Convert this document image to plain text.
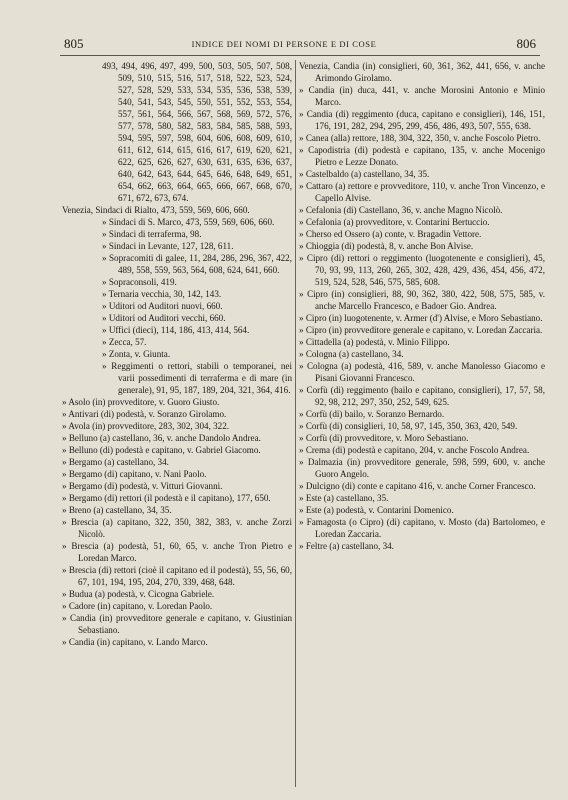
805	INDICE DEI NOMI DI PERSONE E DI COSE	806
493, 494, 496, 497, 499, 500, 503, 505, 507, 508, 509, 510, 515, 516, 517, 518, 522, 523, 524, 527, 528, 529, 533, 534, 535, 536, 538, 539, 540, 541, 543, 545, 550, 551, 552, 553, 554, 557, 561, 564, 566, 567, 568, 569, 572, 576, 577, 578, 580, 582, 583, 584, 585, 588, 593, 594, 595, 597, 598, 604, 606, 608, 609, 610, 611, 612, 614, 615, 616, 617, 619, 620, 621, 622, 625, 626, 627, 630, 631, 635, 636, 637, 640, 642, 643, 644, 645, 646, 648, 649, 651, 654, 662, 663, 664, 665, 666, 667, 668, 670, 671, 672, 673, 674.
Venezia, Sindaci di Rialto, 473, 559, 569, 606, 660.
» Sindaci di S. Marco, 473, 559, 569, 606, 660.
» Sindaci di terraferma, 98.
» Sindaci in Levante, 127, 128, 611.
» Sopracomiti di galee, 11, 284, 286, 296, 367, 422, 489, 558, 559, 563, 564, 608, 624, 641, 660.
» Sopraconsoli, 419.
» Ternaria vecchia, 30, 142, 143.
» Uditori od Auditori nuovi, 660.
» Uditori od Auditori vecchi, 660.
» Uffici (dieci), 114, 186, 413, 414, 564.
» Zecca, 57.
» Zonta, v. Giunta.
» Reggimenti o rettori, stabili o temporanei, nei varii possedimenti di terraferma e di mare (in generale), 91, 95, 187, 189, 204, 321, 364, 416.
» Asolo (in) provveditore, v. Guoro Giusto.
» Antivari (di) podestà, v. Soranzo Girolamo.
» Avola (in) provveditore, 283, 302, 304, 322.
» Belluno (a) castellano, 36, v. anche Dandolo Andrea.
» Belluno (di) podestà e capitano, v. Gabriel Giacomo.
» Bergamo (a) castellano, 34.
» Bergamo (di) capitano, v. Nani Paolo.
» Bergamo (di) podestà, v. Vitturi Giovanni.
» Bergamo (di) rettori (il podestà e il capitano), 177, 650.
» Breno (a) castellano, 34, 35.
» Brescia (a) capitano, 322, 350, 382, 383, v. anche Zorzi Nicolò.
» Brescia (a) podestà, 51, 60, 65, v. anche Tron Pietro e Loredan Marco.
» Brescia (di) rettori (cioè il capitano ed il podestà), 55, 56, 60, 67, 101, 194, 195, 204, 270, 339, 468, 648.
» Budua (a) podestà, v. Cicogna Gabriele.
» Cadore (in) capitano, v. Loredan Paolo.
» Candia (in) provveditore generale e capitano, v. Giustinian Sebastiano.
» Candia (in) capitano, v. Lando Marco.
Venezia, Candia (in) consiglieri, 60, 361, 362, 441, 656, v. anche Arimondo Girolamo.
» Candia (in) duca, 441, v. anche Morosini Antonio e Minio Marco.
» Candia (di) reggimento (duca, capitano e consiglieri), 146, 151, 176, 191, 282, 294, 295, 299, 456, 486, 493, 507, 555, 638.
» Canea (alla) rettore, 188, 304, 322, 350, v. anche Foscolo Pietro.
» Capodistria (di) podestà e capitano, 135, v. anche Mocenigo Pietro e Lezze Donato.
» Castelbaldo (a) castellano, 34, 35.
» Cattaro (a) rettore e provveditore, 110, v. anche Tron Vincenzo, e Capello Alvise.
» Cefalonia (di) Castellano, 36, v. anche Magno Nicolò.
» Cefalonia (a) provveditore, v. Contarini Bertuccio.
» Cherso ed Ossero (a) conte, v. Bragadin Vettore.
» Chioggia (di) podestà, 8, v. anche Bon Alvise.
» Cipro (di) rettori o reggimento (luogotenente e consiglieri), 45, 70, 93, 99, 113, 260, 265, 302, 428, 429, 436, 454, 456, 472, 519, 524, 528, 546, 575, 585, 608.
» Cipro (in) consiglieri, 88, 90, 362, 380, 422, 508, 575, 585, v. anche Marcello Francesco, e Badoer Gio. Andrea.
» Cipro (in) luogotenente, v. Armer (d') Alvise, e Moro Sebastiano.
» Cipro (in) provveditore generale e capitano, v. Loredan Zaccaria.
» Cittadella (a) podestà, v. Minio Filippo.
» Cologna (a) castellano, 34.
» Cologna (a) podestà, 416, 589, v. anche Manolesso Giacomo e Pisani Giovanni Francesco.
» Corfù (di) reggimento (bailo e capitano, consiglieri), 17, 57, 58, 92, 98, 212, 297, 350, 252, 549, 625.
» Corfù (di) bailo, v. Soranzo Bernardo.
» Corfù (di) consiglieri, 10, 58, 97, 145, 350, 363, 420, 549.
» Corfù (di) provveditore, v. Moro Sebastiano.
» Crema (di) podestà e capitano, 204, v. anche Foscolo Andrea.
» Dalmazia (in) provveditore generale, 598, 599, 600, v. anche Guoro Angelo.
» Dulcigno (di) conte e capitano 416, v. anche Corner Francesco.
» Este (a) castellano, 35.
» Este (a) podestà, v. Contarini Domenico.
» Famagosta (o Cipro) (di) capitano, v. Mosto (da) Bartolomeo, e Loredan Zaccaria.
» Feltre (a) castellano, 34.
